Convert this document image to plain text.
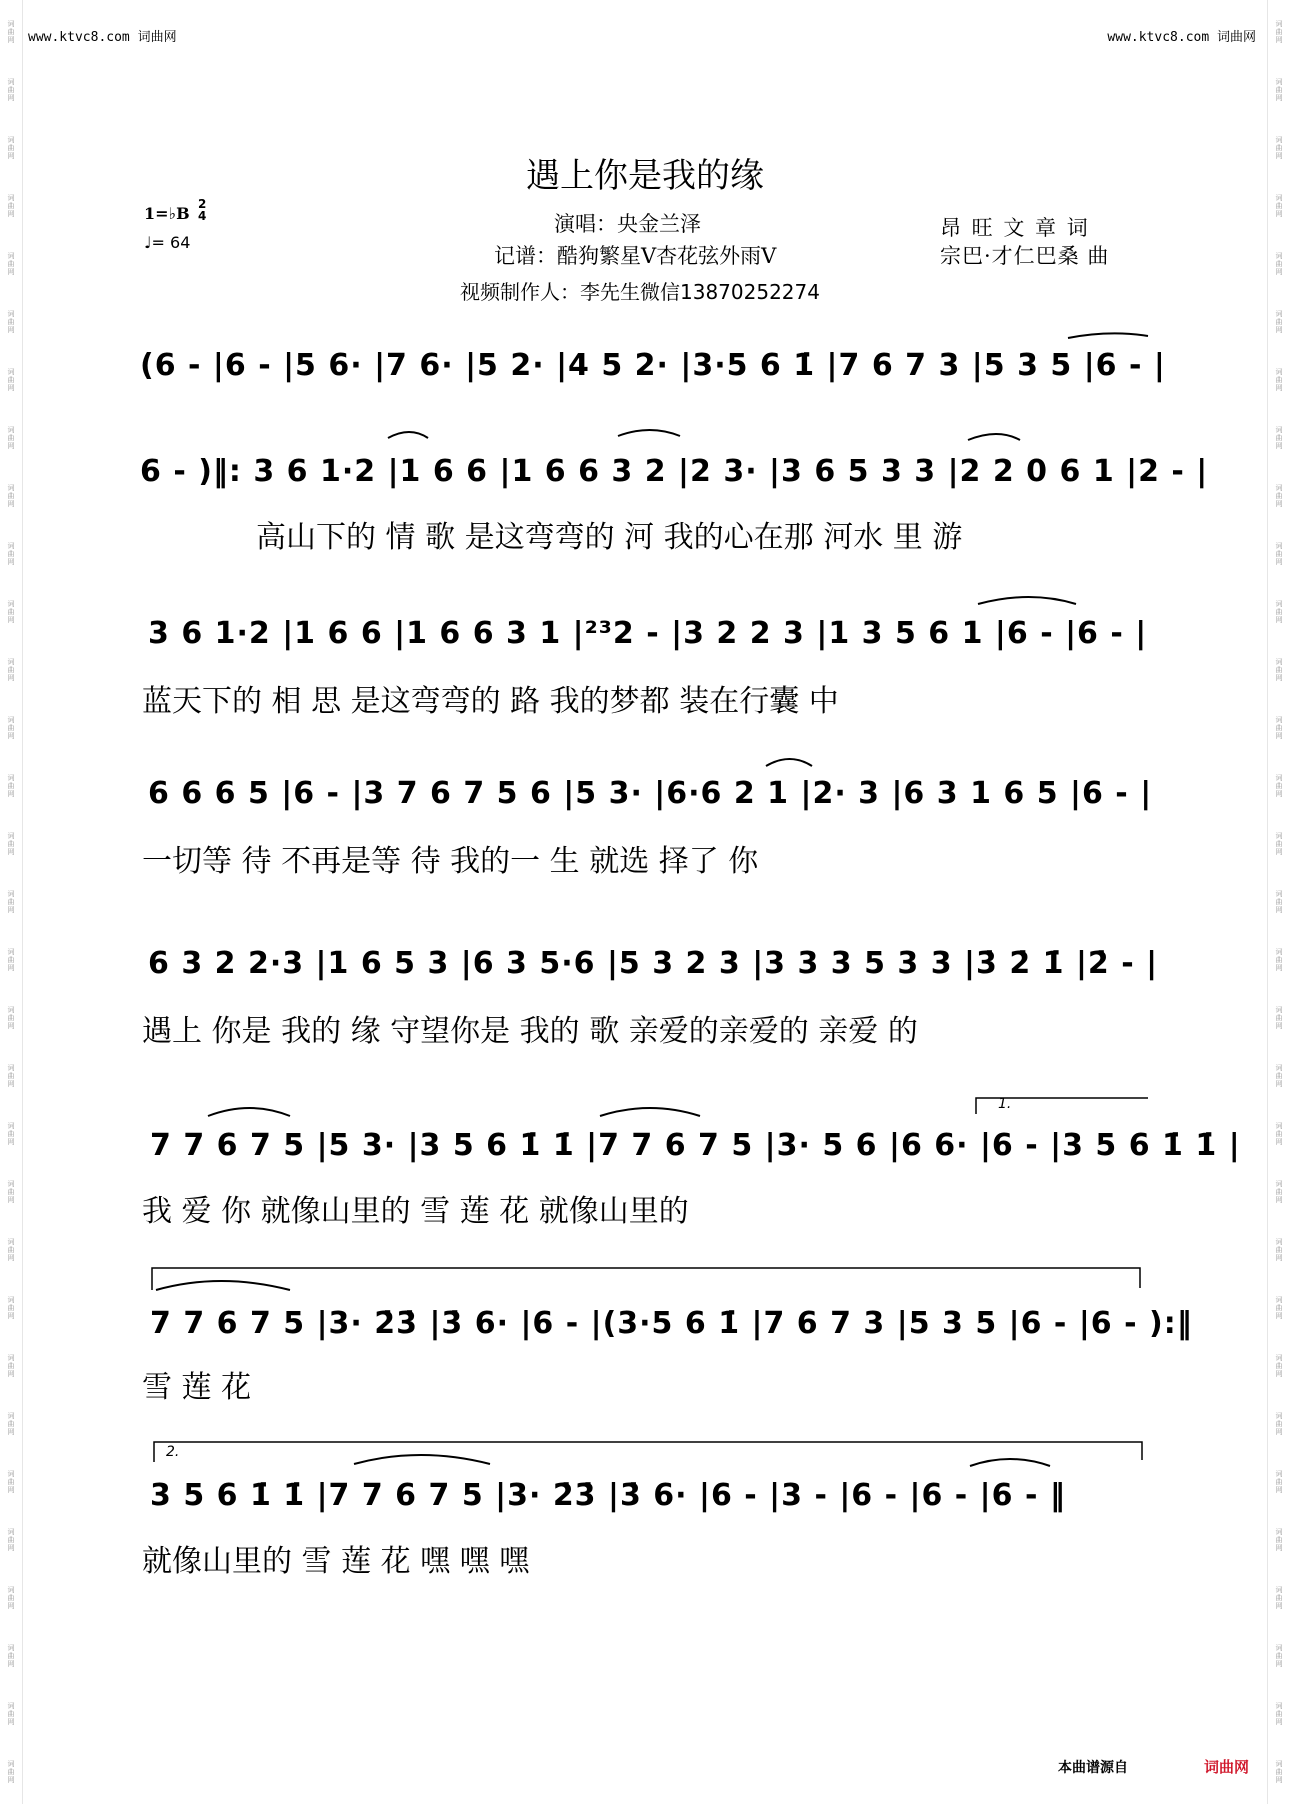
词
曲
网
词
曲
网
词
曲
网
词
曲
网
词
曲
网
词
曲
网
词
曲
网
词
曲
网
词
曲
网
词
曲
网
词
曲
网
词
曲
网
词
曲
网
词
曲
网
词
曲
网
词
曲
网
词
曲
网
词
曲
网
词
曲
网
词
曲
网
词
曲
网
词
曲
网
词
曲
网
词
曲
网
词
曲
网
词
曲
网
词
曲
网
词
曲
网
词
曲
网
词
曲
网
词
曲
网
词
曲
网
词
曲
网
词
曲
网
词
曲
网
词
曲
网
词
曲
网
词
曲
网
词
曲
网
词
曲
网
词
曲
网
词
曲
网
词
曲
网
词
曲
网
词
曲
网
词
曲
网
词
曲
网
词
曲
网
词
曲
网
词
曲
网
词
曲
网
词
曲
网
词
曲
网
词
曲
网
词
曲
网
词
曲
网
词
曲
网
词
曲
网
词
曲
网
词
曲
网
词
曲
网
词
曲
网
www.ktvc8.com 词曲网	www.ktvc8.com 词曲网
遇上你是我的缘
1=♭B 2
4
♩= 64
演唱：央金兰泽
记谱：酷狗繁星V杏花弦外雨V
视频制作人：李先生微信13870252274
昂 旺 文 章 词
宗巴·才仁巴桑 曲
(6 - |6 - |5 6· |7 6· |5 2· |4 5 2· |3·5 6 1̇ |7 6 7 3 |5 3 5 |6 - |
6 - )‖: 3 6 1·2 |1 6 6 |1 6 6 3 2 |2 3· |3 6 5 3 3 |2 2 0 6 1 |2 - |
高山下的 情 歌 是这弯弯的 河 我的心在那 河水 里 游
3 6 1·2 |1 6 6 |1 6 6 3 1 |²³2 - |3 2 2 3 |1 3 5 6 1 |6 - |6 - |
蓝天下的 相 思 是这弯弯的 路 我的梦都 装在行囊 中
6 6 6 5 |6 - |3 7 6 7 5 6 |5 3· |6·6 2 1 |2· 3 |6 3 1 6 5 |6 - |
一切等 待 不再是等 待 我的一 生 就选 择了 你
6 3 2 2·3 |1 6 5 3 |6 3 5·6 |5 3 2 3 |3 3 3 5 3 3 |3̇ 2̇ 1̇ |2̇ - |
遇上 你是 我的 缘 守望你是 我的 歌 亲爱的亲爱的 亲爱 的
1.
7 7 6 7 5 |5 3· |3 5 6 1̇ 1̇ |7 7 6 7 5 |3· 5 6 |6 6· |6 - |3 5 6 1̇ 1̇ |
我 爱 你 就像山里的 雪 莲 花 就像山里的
7 7 6 7 5 |3· 2̇3̇ |3̇ 6· |6 - |(3·5 6 1̇ |7 6 7 3 |5 3 5 |6 - |6 - ):‖
雪 莲 花
2.
3 5 6 1̇ 1̇ |7 7 6 7 5 |3· 2̇3̇ |3̇ 6· |6 - |3 - |6 - |6 - |6 - ‖
就像山里的 雪 莲 花 嘿 嘿 嘿
本曲谱源自	词曲网
